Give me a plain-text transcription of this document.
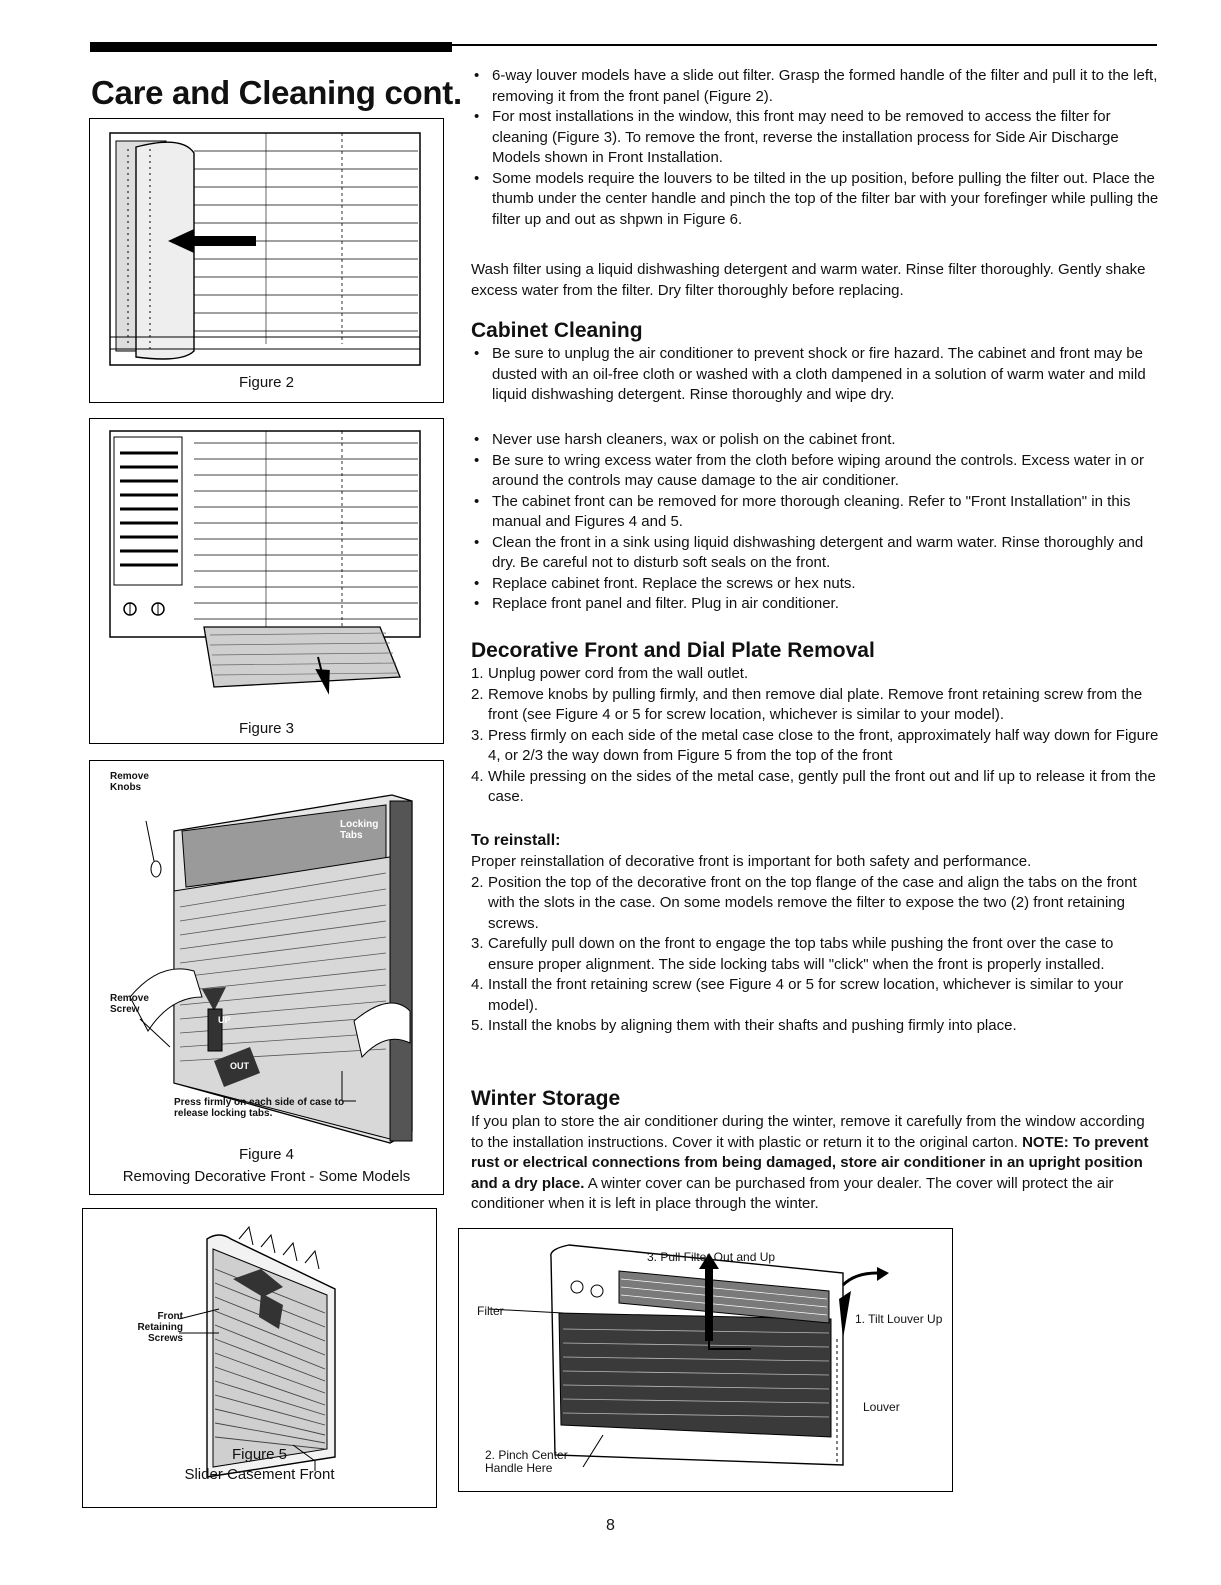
Care and Cleaning cont.
Figure 2
Figure 3
Remove Knobs
Locking Tabs
Remove Screw
UP
OUT
Press firmly on each side of case to release locking tabs.
Figure 4
Removing Decorative Front - Some Models
Front Retaining Screws
Figure 5
Slider Casement Front
• 6-way louver models have a slide out filter. Grasp the formed handle of the filter and pull it to the left, removing it from the front panel (Figure 2).
• For most installations in the window, this front may need to be removed to access the filter for cleaning (Figure 3). To remove the front, reverse the installation process for Side Air Discharge Models shown in Front Installation.
• Some models require the louvers to be tilted in the up position, before pulling the filter out. Place the thumb under the center handle and pinch the top of the filter bar with your forefinger while pulling the filter up and out as shpwn in Figure 6.

Wash filter using a liquid dishwashing detergent and warm water. Rinse filter thoroughly. Gently shake excess water from the filter. Dry filter thoroughly before replacing.

Cabinet Cleaning
• Be sure to unplug the air conditioner to prevent shock or fire hazard. The cabinet and front may be dusted with an oil-free cloth or washed with a cloth dampened in a solution of warm water and mild liquid dishwashing detergent. Rinse thoroughly and wipe dry.
• Never use harsh cleaners, wax or polish on the cabinet front.
• Be sure to wring excess water from the cloth before wiping around the controls. Excess water in or around the controls may cause damage to the air conditioner.
• The cabinet front can be removed for more thorough cleaning. Refer to "Front Installation" in this manual and Figures 4 and 5.
• Clean the front in a sink using liquid dishwashing detergent and warm water. Rinse thoroughly and dry. Be careful not to disturb soft seals on the front.
• Replace cabinet front. Replace the screws or hex nuts.
• Replace front panel and filter. Plug in air conditioner.
Decorative Front and Dial Plate Removal
1. Unplug power cord from the wall outlet.
2. Remove knobs by pulling firmly, and then remove dial plate. Remove front retaining screw from the front (see Figure 4 or 5 for screw location, whichever is similar to your model).
3. Press firmly on each side of the metal case close to the front, approximately half way down for Figure 4, or 2/3 the way down from Figure 5 from the top of the front
4. While pressing on the sides of the metal case, gently pull the front out and lif up to release it from the case.
To reinstall:

Proper reinstallation of decorative front is important for both safety and performance.

2. Position the top of the decorative front on the top flange of the case and align the tabs on the front with the slots in the case. On some models remove the filter to expose the two (2) front retaining screws.
3. Carefully pull down on the front to engage the top tabs while pushing the front over the case to ensure proper alignment. The side locking tabs will "click" when the front is properly installed.
4. Install the front retaining screw (see Figure 4 or 5 for screw location, whichever is similar to your model).
5. Install the knobs by aligning them with their shafts and pushing firmly into place.
Winter Storage

If you plan to store the air conditioner during the winter, remove it carefully from the window according to the installation instructions. Cover it with plastic or return it to the original carton. NOTE: To prevent rust or electrical connections from being damaged, store air conditioner in an upright position and a dry place. A winter cover can be purchased from your dealer. The cover will protect the air conditioner when it is left in place through the winter.

3. Pull Filter Out and Up
Filter
1. Tilt Louver Up
Louver
2. Pinch Center Handle Here
8
